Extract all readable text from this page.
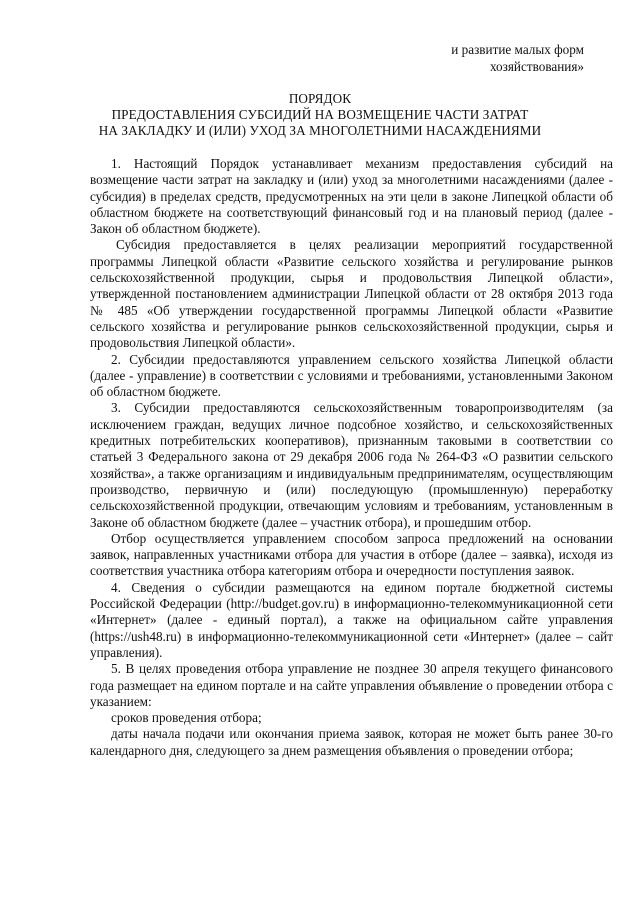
и развитие малых форм
хозяйствования»
ПОРЯДОК
ПРЕДОСТАВЛЕНИЯ СУБСИДИЙ НА ВОЗМЕЩЕНИЕ ЧАСТИ ЗАТРАТ
НА ЗАКЛАДКУ И (ИЛИ) УХОД ЗА МНОГОЛЕТНИМИ НАСАЖДЕНИЯМИ

1. Настоящий Порядок устанавливает механизм предоставления субсидий на возмещение части затрат на закладку и (или) уход за многолетними насаждениями (далее - субсидия) в пределах средств, предусмотренных на эти цели в законе Липецкой области об областном бюджете на соответствующий финансовый год и на плановый период (далее - Закон об областном бюджете).

Субсидия предоставляется в целях реализации мероприятий государственной программы Липецкой области «Развитие сельского хозяйства и регулирование рынков сельскохозяйственной продукции, сырья и продовольствия Липецкой области», утвержденной постановлением администрации Липецкой области от 28 октября 2013 года № 485 «Об утверждении государственной программы Липецкой области «Развитие сельского хозяйства и регулирование рынков сельскохозяйственной продукции, сырья и продовольствия Липецкой области».

2. Субсидии предоставляются управлением сельского хозяйства Липецкой области (далее - управление) в соответствии с условиями и требованиями, установленными Законом об областном бюджете.

3. Субсидии предоставляются сельскохозяйственным товаропроизводителям (за исключением граждан, ведущих личное подсобное хозяйство, и сельскохозяйственных кредитных потребительских кооперативов), признанным таковыми в соответствии со статьей 3 Федерального закона от 29 декабря 2006 года № 264-ФЗ «О развитии сельского хозяйства», а также организациям и индивидуальным предпринимателям, осуществляющим производство, первичную и (или) последующую (промышленную) переработку сельскохозяйственной продукции, отвечающим условиям и требованиям, установленным в Законе об областном бюджете (далее – участник отбора), и прошедшим отбор.

Отбор осуществляется управлением способом запроса предложений на основании заявок, направленных участниками отбора для участия в отборе (далее – заявка), исходя из соответствия участника отбора категориям отбора и очередности поступления заявок.

4. Сведения о субсидии размещаются на едином портале бюджетной системы Российской Федерации (http://budget.gov.ru) в информационно-телекоммуникационной сети «Интернет» (далее - единый портал), а также на официальном сайте управления (https://ush48.ru) в информационно-телекоммуникационной сети «Интернет» (далее – сайт управления).

5. В целях проведения отбора управление не позднее 30 апреля текущего финансового года размещает на едином портале и на сайте управления объявление о проведении отбора с указанием:

сроков проведения отбора;

даты начала подачи или окончания приема заявок, которая не может быть ранее 30-го календарного дня, следующего за днем размещения объявления о проведении отбора;
